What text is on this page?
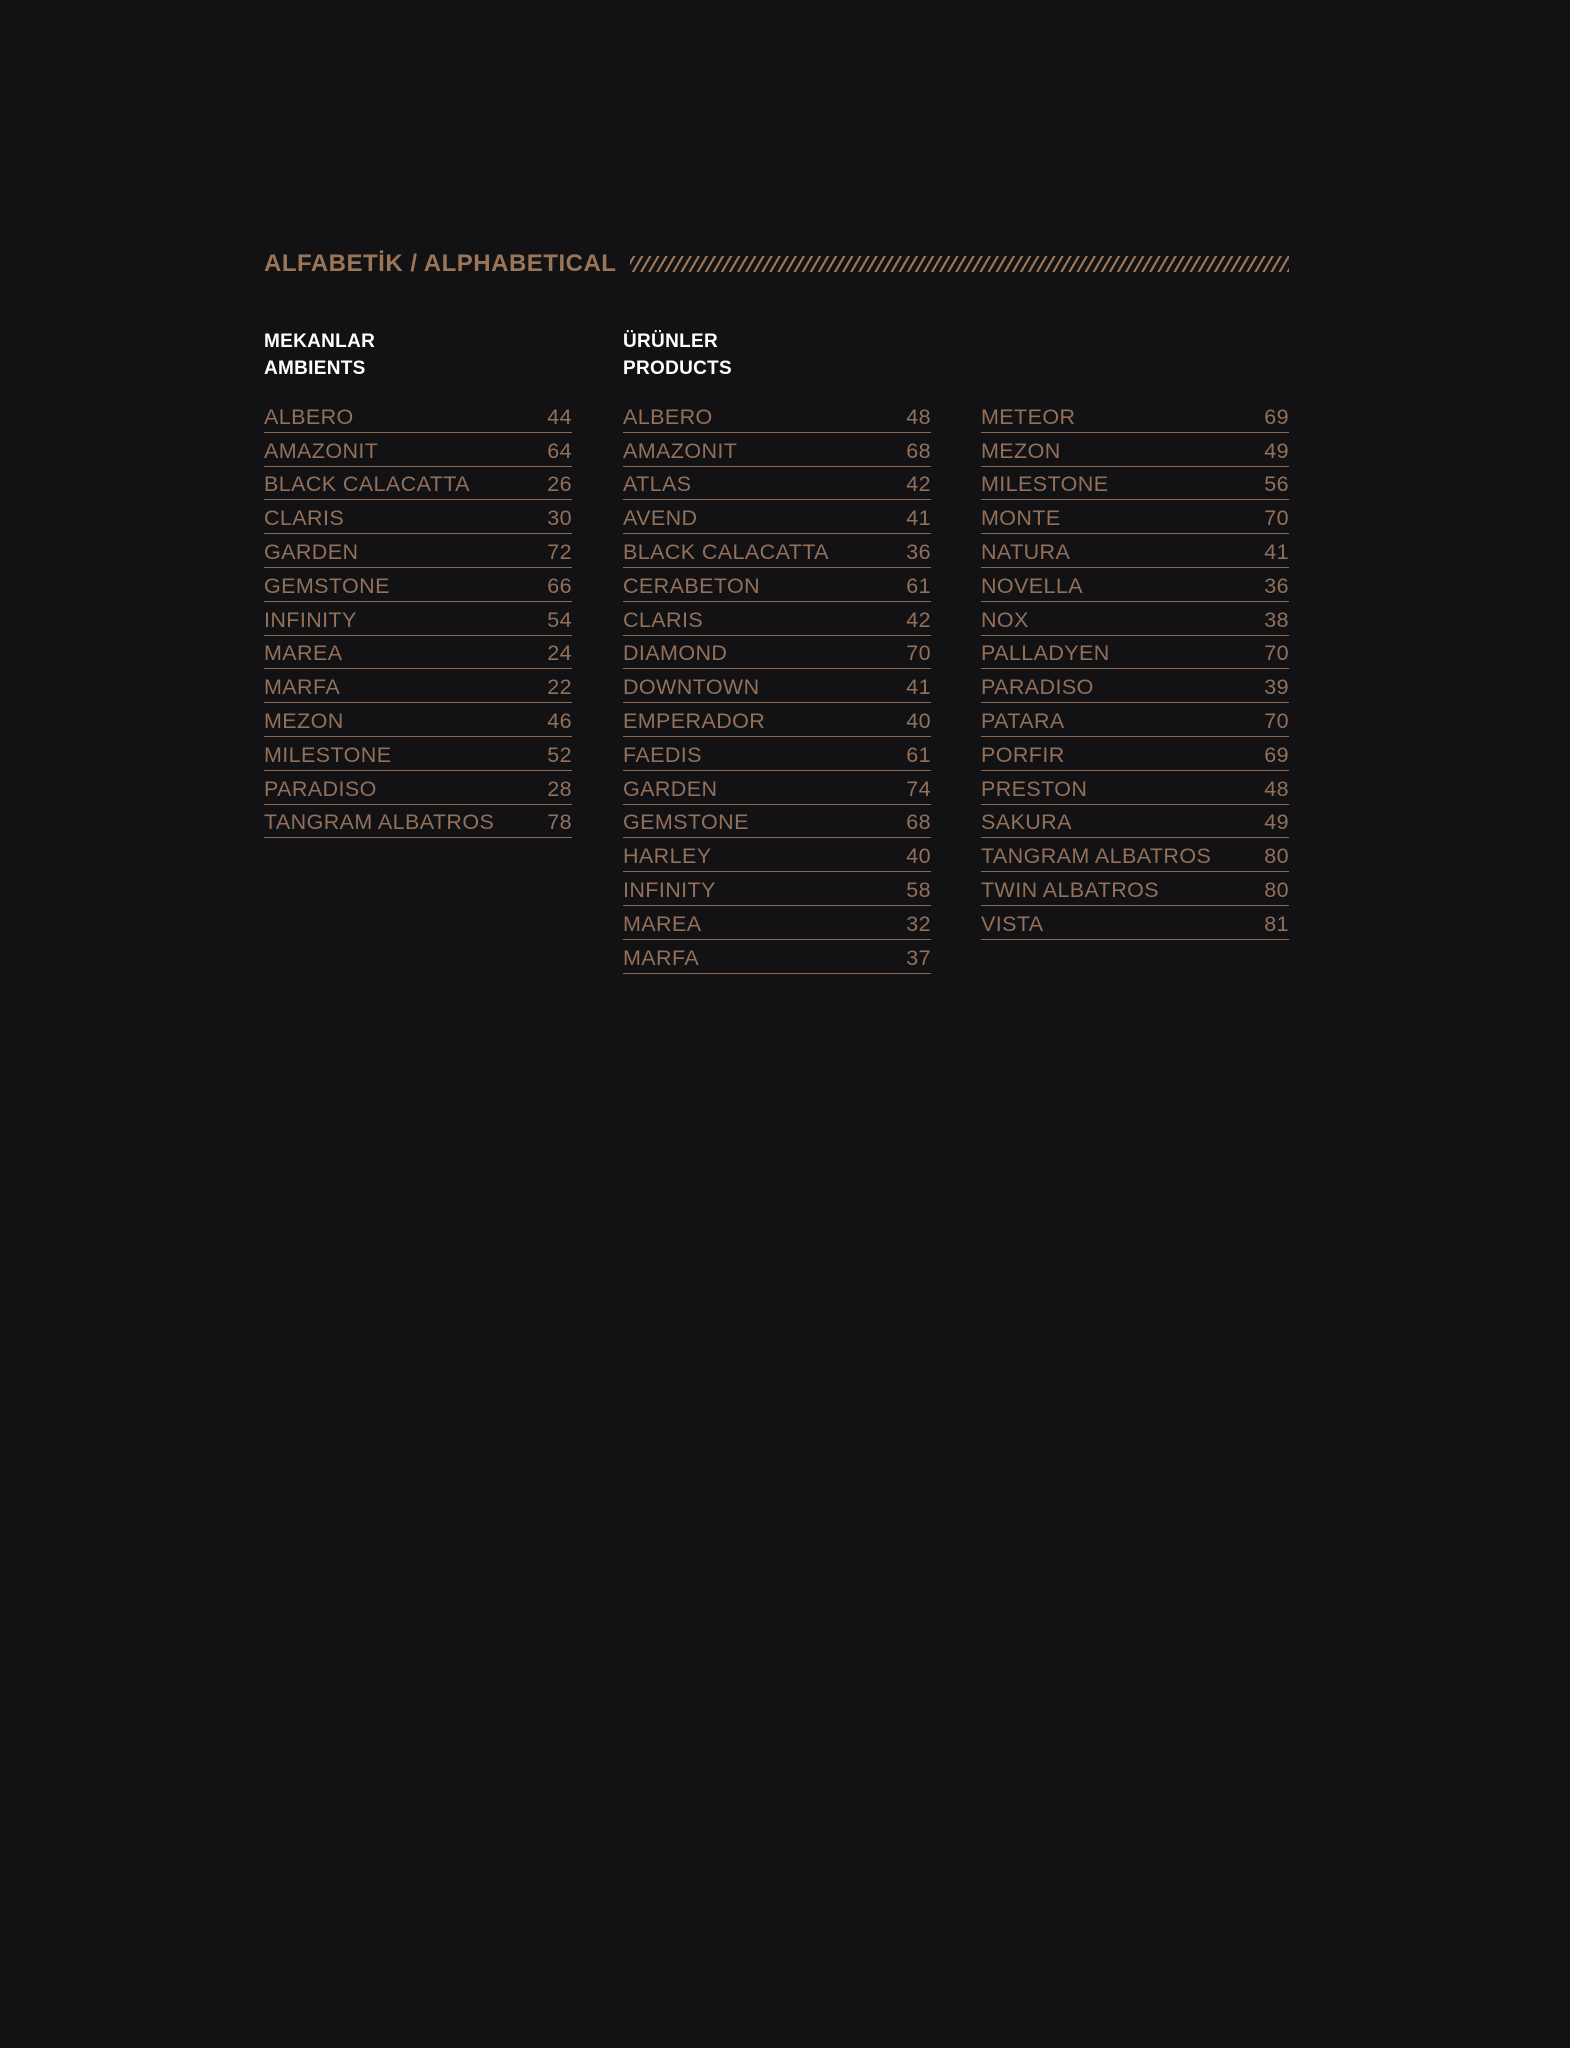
ALFABETİK / ALPHABETICAL
MEKANLAR
AMBIENTS
ALBERO	44
AMAZONIT	64
BLACK CALACATTA	26
CLARIS	30
GARDEN	72
GEMSTONE	66
INFINITY	54
MAREA	24
MARFA	22
MEZON	46
MILESTONE	52
PARADISO	28
TANGRAM ALBATROS	78
ÜRÜNLER
PRODUCTS
ALBERO	48
AMAZONIT	68
ATLAS	42
AVEND	41
BLACK CALACATTA	36
CERABETON	61
CLARIS	42
DIAMOND	70
DOWNTOWN	41
EMPERADOR	40
FAEDIS	61
GARDEN	74
GEMSTONE	68
HARLEY	40
INFINITY	58
MAREA	32
MARFA	37
METEOR	69
MEZON	49
MILESTONE	56
MONTE	70
NATURA	41
NOVELLA	36
NOX	38
PALLADYEN	70
PARADISO	39
PATARA	70
PORFIR	69
PRESTON	48
SAKURA	49
TANGRAM ALBATROS	80
TWIN ALBATROS	80
VISTA	81
